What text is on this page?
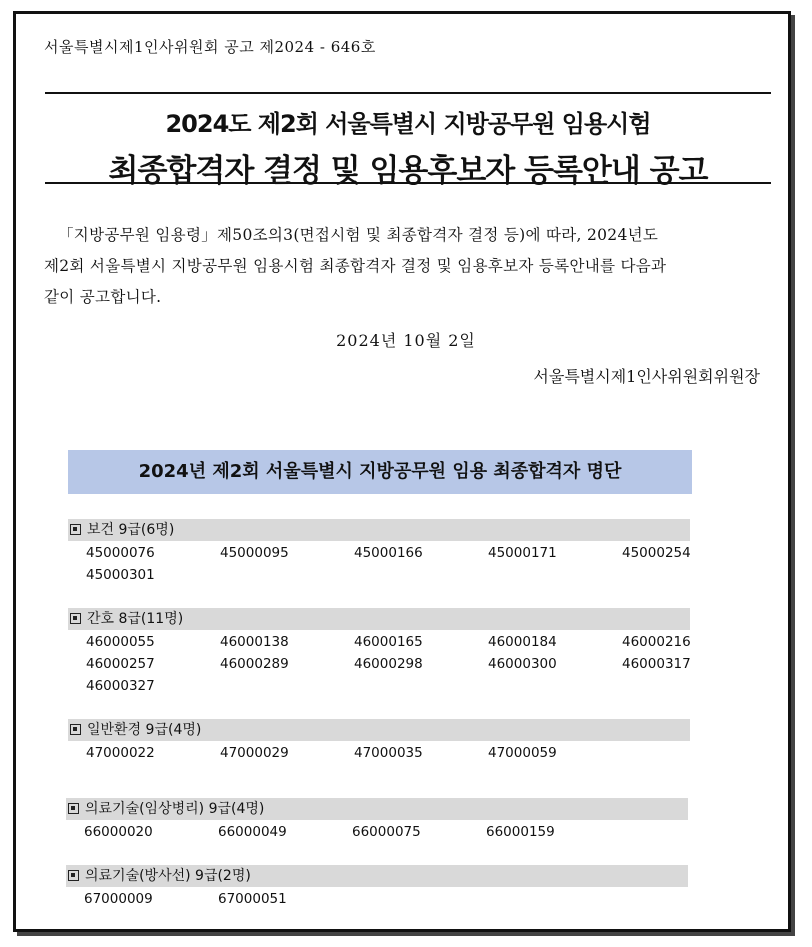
서울특별시제1인사위원회 공고 제2024 - 646호
2024도 제2회 서울특별시 지방공무원 임용시험
최종합격자 결정 및 임용후보자 등록안내 공고
「지방공무원 임용령」제50조의3(면접시험 및 최종합격자 결정 등)에 따라, 2024년도
제2회 서울특별시 지방공무원 임용시험 최종합격자 결정 및 임용후보자 등록안내를 다음과
같이 공고합니다.
2024년 10월 2일
서울특별시제1인사위원회위원장
2024년 제2회 서울특별시 지방공무원 임용 최종합격자 명단
보건 9급(6명)
45000076	45000095	45000166	45000171	45000254
45000301
간호 8급(11명)
46000055	46000138	46000165	46000184	46000216
46000257	46000289	46000298	46000300	46000317
46000327
일반환경 9급(4명)
47000022	47000029	47000035	47000059
의료기술(임상병리) 9급(4명)
66000020	66000049	66000075	66000159
의료기술(방사선) 9급(2명)
67000009	67000051
